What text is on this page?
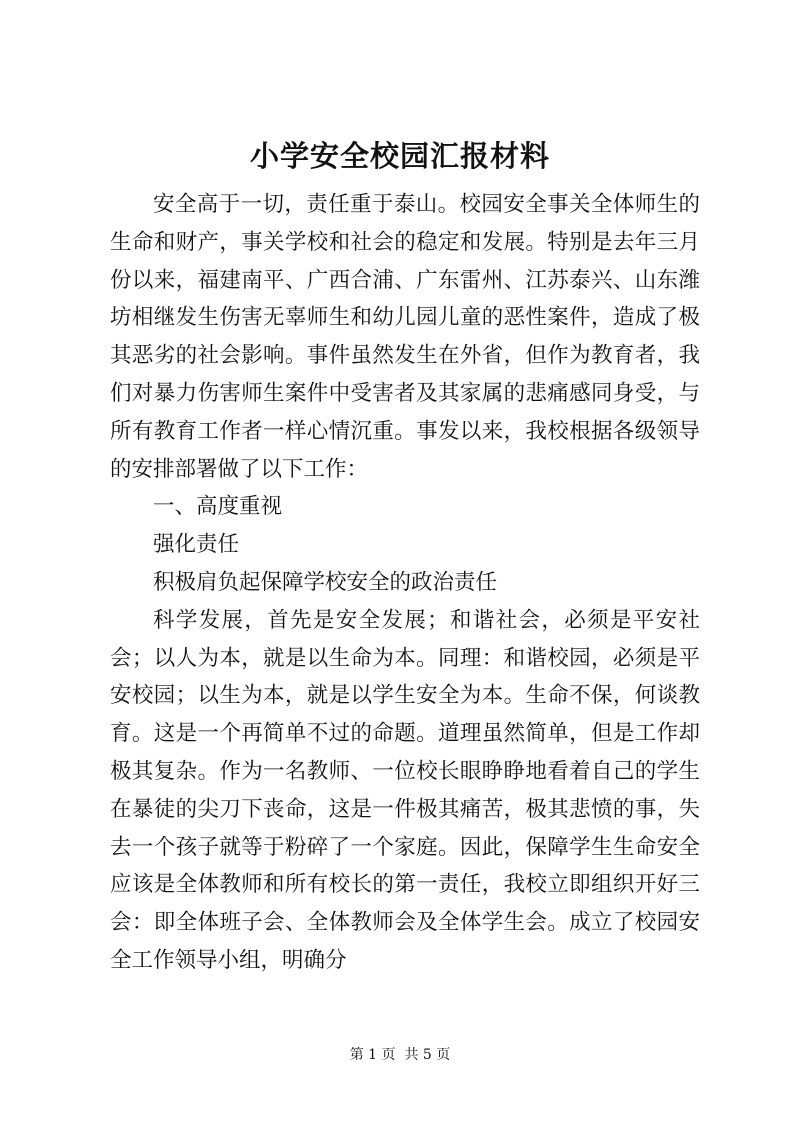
小学安全校园汇报材料

安全高于一切，责任重于泰山。校园安全事关全体师生的生命和财产，事关学校和社会的稳定和发展。特别是去年三月份以来，福建南平、广西合浦、广东雷州、江苏泰兴、山东潍坊相继发生伤害无辜师生和幼儿园儿童的恶性案件，造成了极其恶劣的社会影响。事件虽然发生在外省，但作为教育者，我们对暴力伤害师生案件中受害者及其家属的悲痛感同身受，与所有教育工作者一样心情沉重。事发以来，我校根据各级领导的安排部署做了以下工作：

一、高度重视

强化责任

积极肩负起保障学校安全的政治责任

科学发展，首先是安全发展；和谐社会，必须是平安社会；以人为本，就是以生命为本。同理：和谐校园，必须是平安校园；以生为本，就是以学生安全为本。生命不保，何谈教育。这是一个再简单不过的命题。道理虽然简单，但是工作却极其复杂。作为一名教师、一位校长眼睁睁地看着自己的学生在暴徒的尖刀下丧命，这是一件极其痛苦，极其悲愤的事，失去一个孩子就等于粉碎了一个家庭。因此，保障学生生命安全应该是全体教师和所有校长的第一责任，我校立即组织开好三会：即全体班子会、全体教师会及全体学生会。成立了校园安全工作领导小组，明确分

第 1 页  共 5 页
